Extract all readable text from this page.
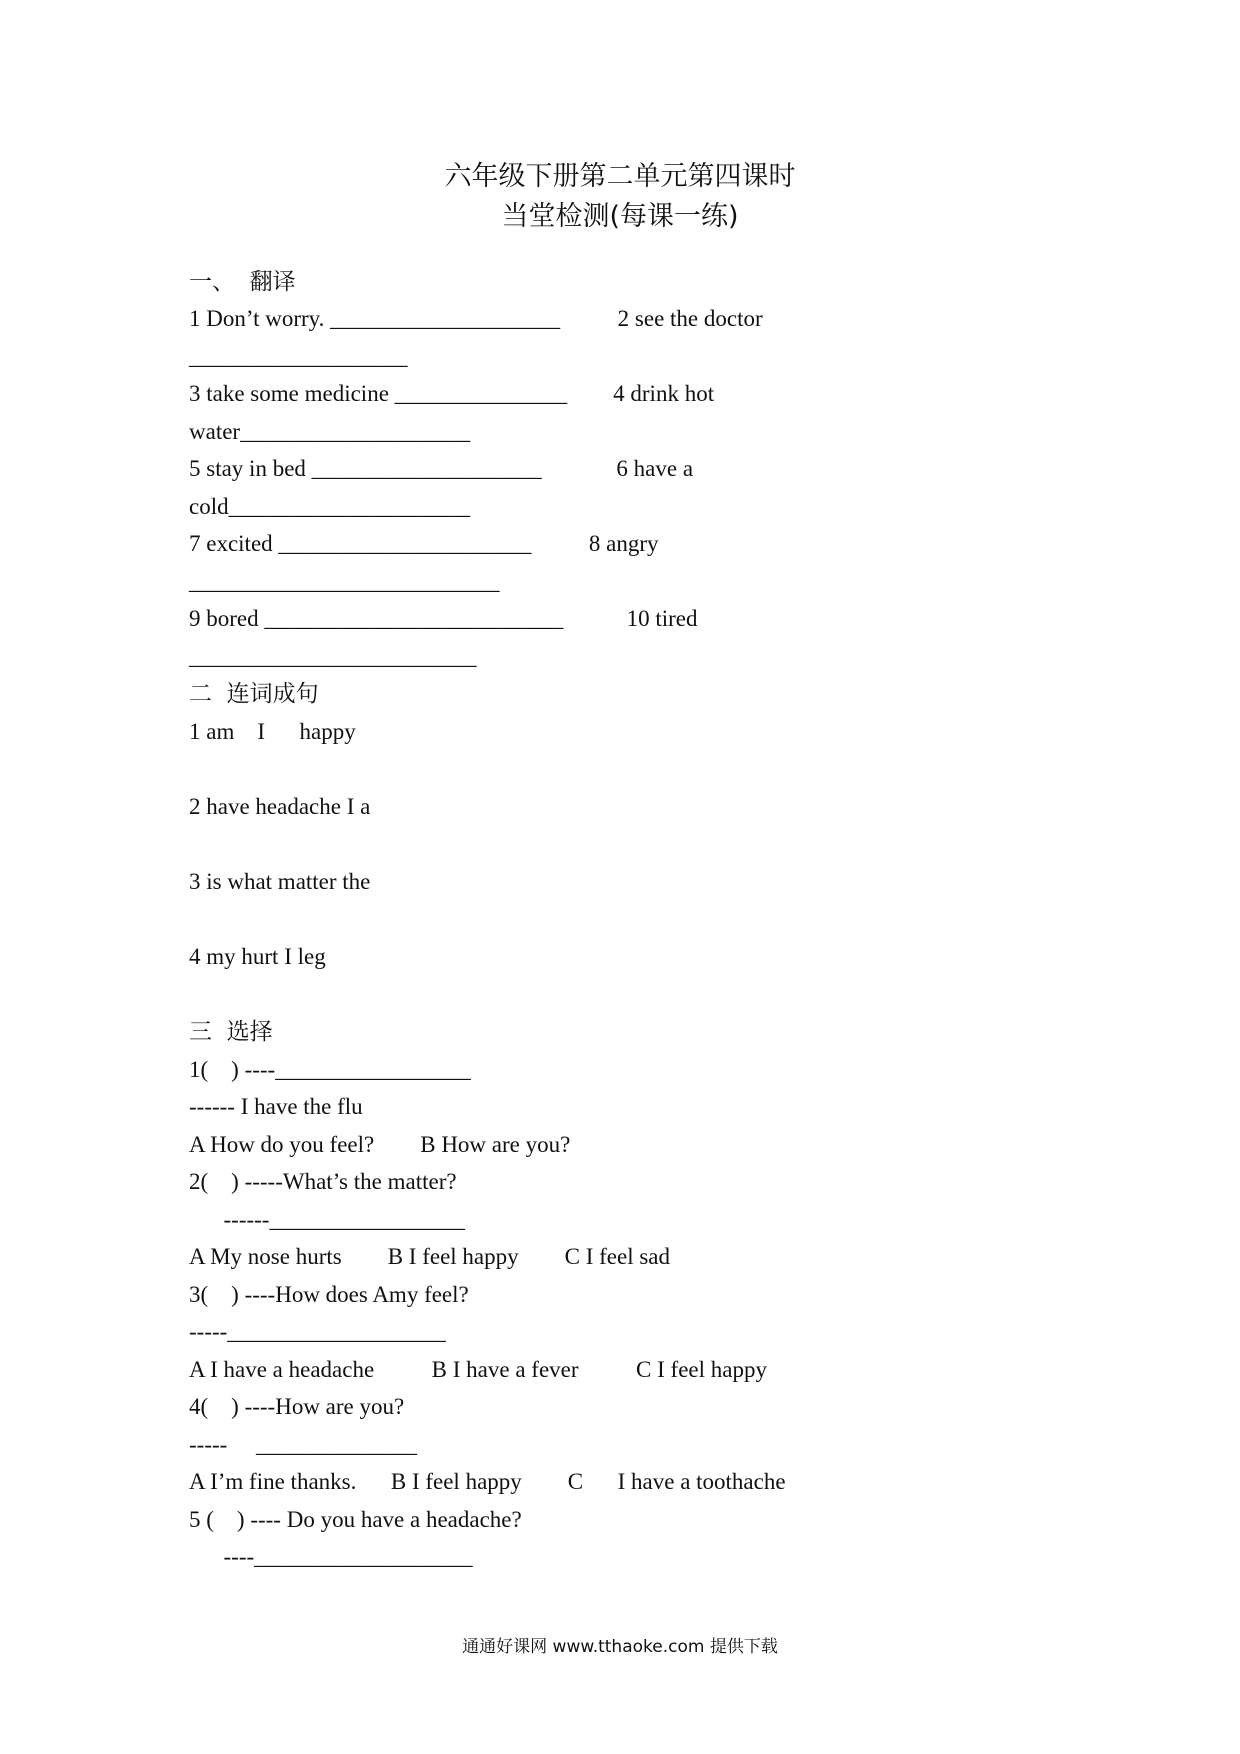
六年级下册第二单元第四课时
当堂检测(每课一练)
一、  翻译
1 Don’t worry. ____________________          2 see the doctor
___________________
3 take some medicine _______________        4 drink hot
water____________________
5 stay in bed ____________________             6 have a
cold_____________________
7 excited ______________________          8 angry
___________________________
9 bored __________________________           10 tired
_________________________
二  连词成句
1 am    I      happy
2 have headache I a
3 is what matter the
4 my hurt I leg
三  选择
1(    ) ----_________________
------ I have the flu
A How do you feel?        B How are you?
2(    ) -----What’s the matter?
------_________________
A My nose hurts        B I feel happy        C I feel sad
3(    ) ----How does Amy feel?
-----___________________
A I have a headache          B I have a fever          C I feel happy
4(    ) ----How are you?
-----     ______________
A I’m fine thanks.      B I feel happy        C      I have a toothache
5 (    ) ---- Do you have a headache?
----___________________
通通好课网 www.tthaoke.com 提供下载
